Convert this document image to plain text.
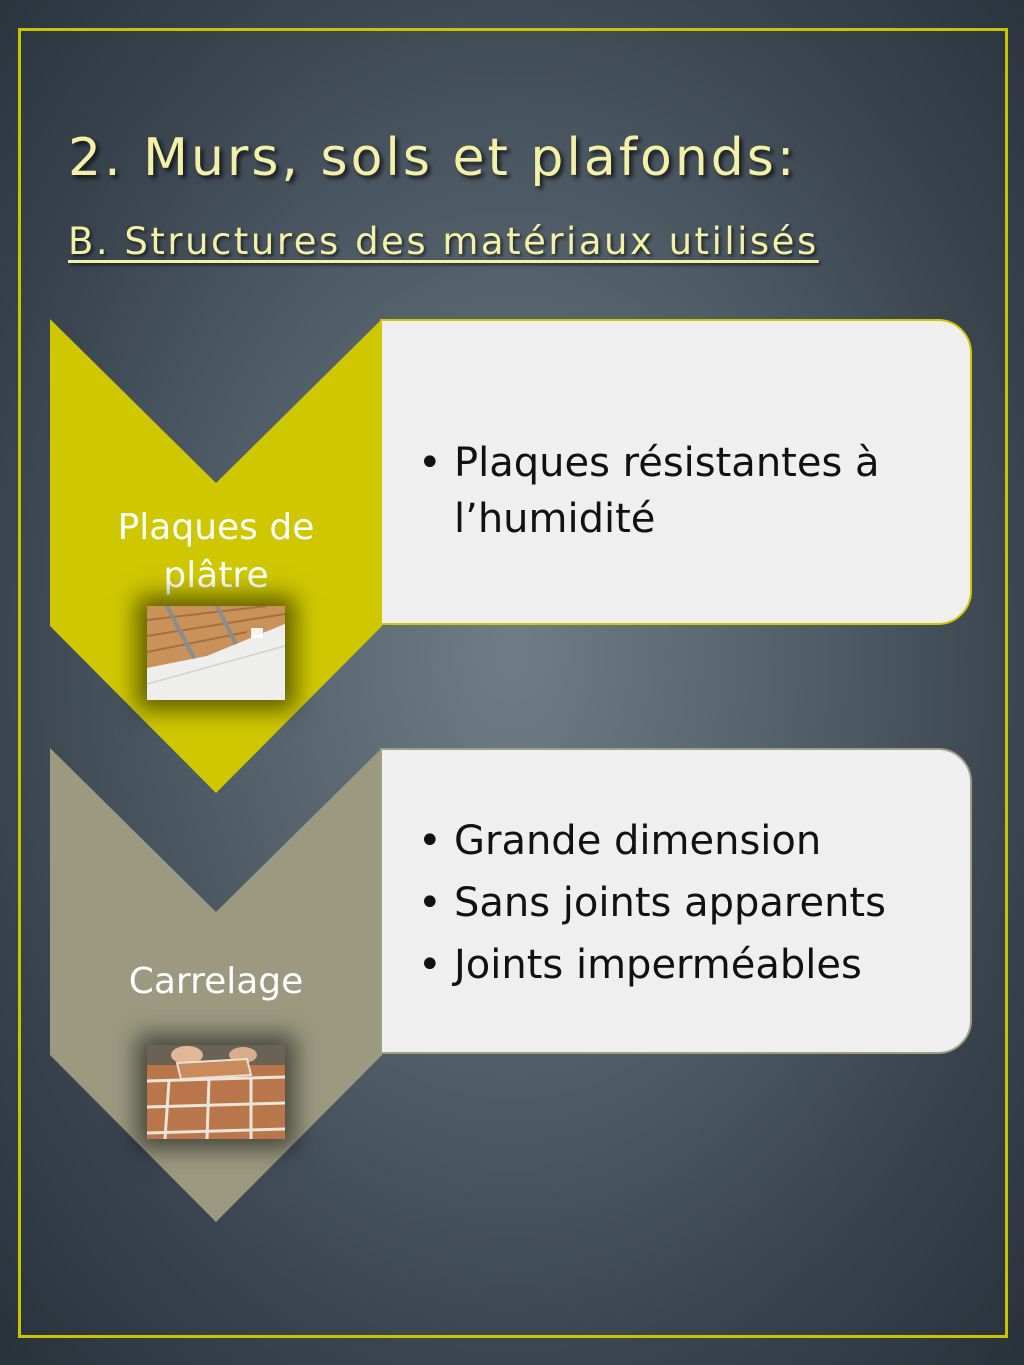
2. Murs, sols et plafonds:
B. Structures des matériaux utilisés
Plaques de
plâtre
• Plaques résistantes à l’humidité
Carrelage
• Grande dimension
• Sans joints apparents
• Joints imperméables
